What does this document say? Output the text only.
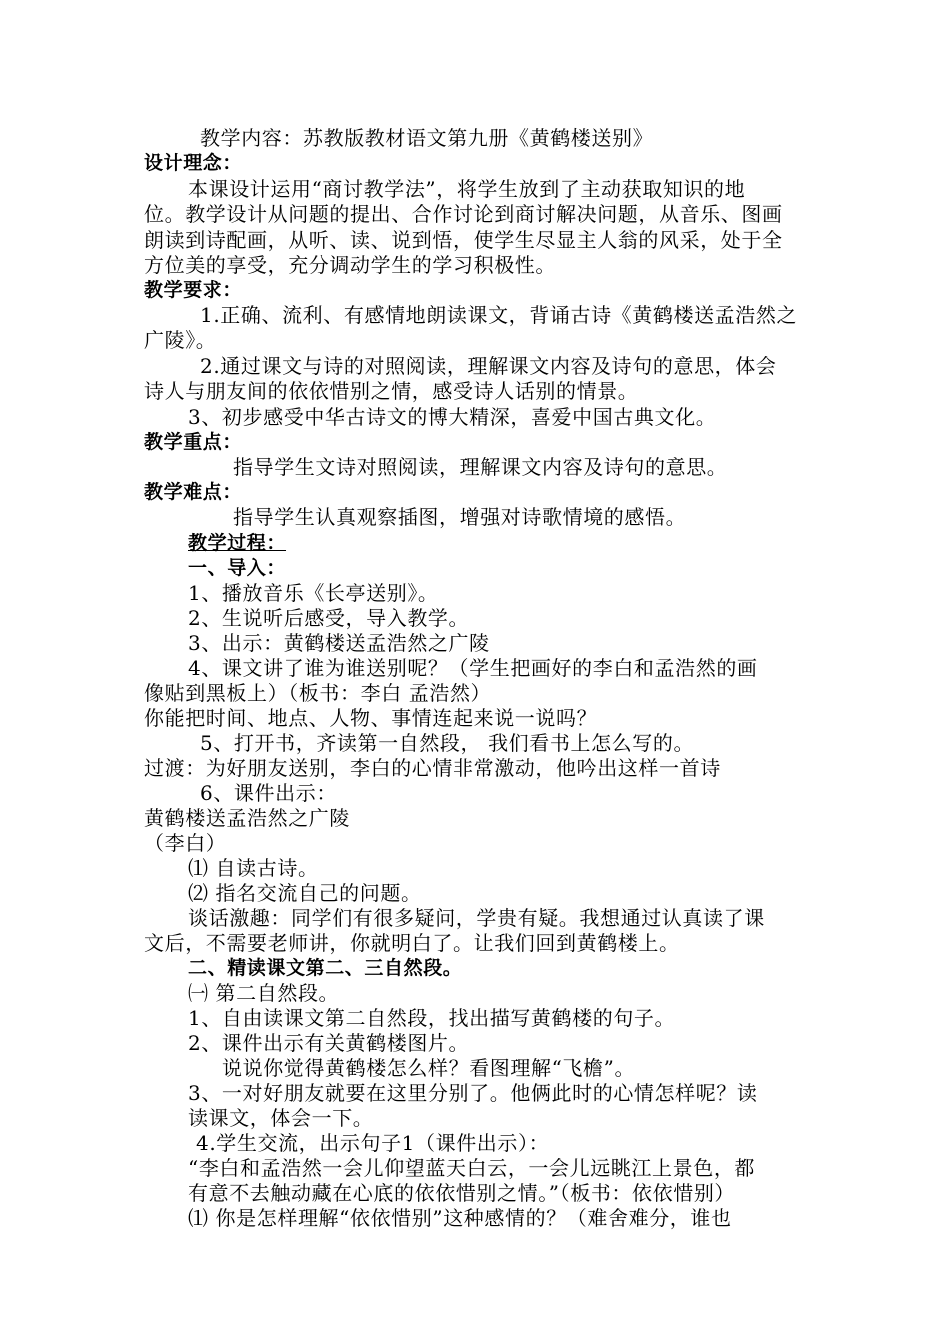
教学内容：苏教版教材语文第九册《黄鹤楼送别》
设计理念：
本课设计运用“商讨教学法”，将学生放到了主动获取知识的地
位。教学设计从问题的提出、合作讨论到商讨解决问题，从音乐、图画
朗读到诗配画，从听、读、说到悟，使学生尽显主人翁的风采，处于全
方位美的享受，充分调动学生的学习积极性。
教学要求：
1.正确、流利、有感情地朗读课文，背诵古诗《黄鹤楼送孟浩然之
广陵》。
2.通过课文与诗的对照阅读，理解课文内容及诗句的意思，体会
诗人与朋友间的依依惜别之情，感受诗人话别的情景。
3、初步感受中华古诗文的博大精深，喜爱中国古典文化。
教学重点：
指导学生文诗对照阅读，理解课文内容及诗句的意思。
教学难点：
指导学生认真观察插图，增强对诗歌情境的感悟。
教学过程：
一、导入：
1、播放音乐《长亭送别》。
2、生说听后感受，导入教学。
3、出示：黄鹤楼送孟浩然之广陵
4、课文讲了谁为谁送别呢？（学生把画好的李白和孟浩然的画
像贴到黑板上）（板书：李白 孟浩然）
你能把时间、地点、人物、事情连起来说一说吗？
5、打开书，齐读第一自然段， 我们看书上怎么写的。
过渡：为好朋友送别，李白的心情非常激动，他吟出这样一首诗
6、课件出示：
黄鹤楼送孟浩然之广陵
（李白）
⑴ 自读古诗。
⑵ 指名交流自己的问题。
谈话激趣：同学们有很多疑问，学贵有疑。我想通过认真读了课
文后，不需要老师讲，你就明白了。让我们回到黄鹤楼上。
二、精读课文第二、三自然段。
㈠ 第二自然段。
1、自由读课文第二自然段，找出描写黄鹤楼的句子。
2、课件出示有关黄鹤楼图片。
说说你觉得黄鹤楼怎么样？看图理解“飞檐”。
3、一对好朋友就要在这里分别了。他俩此时的心情怎样呢？读
读课文，体会一下。
4.学生交流，出示句子1（课件出示）：
“李白和孟浩然一会儿仰望蓝天白云，一会儿远眺江上景色，都
有意不去触动藏在心底的依依惜别之情。”（板书：依依惜别）
⑴ 你是怎样理解“依依惜别”这种感情的？（难舍难分，谁也
